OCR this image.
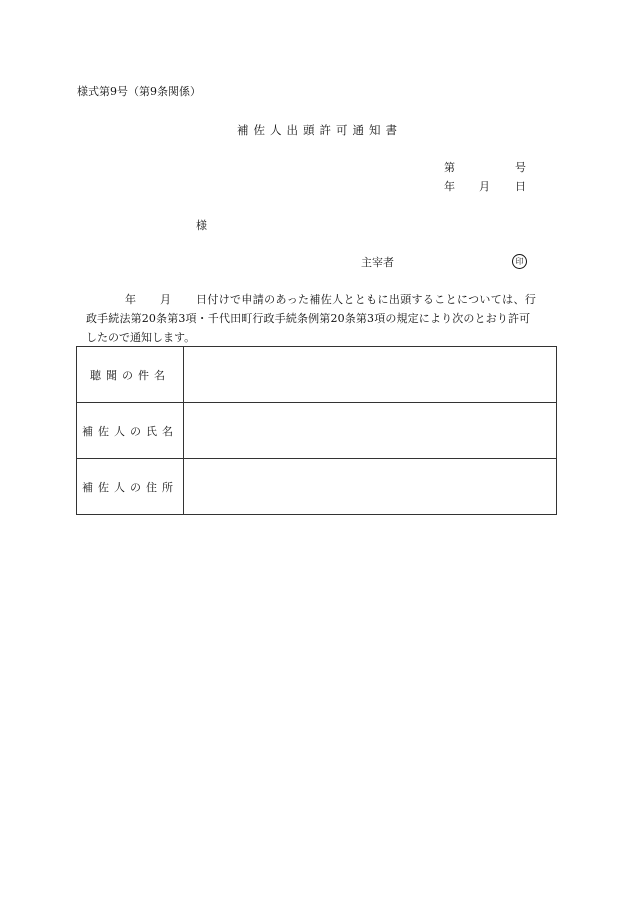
様式第9号（第9条関係）
補佐人出頭許可通知書
第	号
年 月 日
様
主宰者	印
年 月 日付けで申請のあった補佐人とともに出頭することについては、行
政手続法第20条第3項・千代田町行政手続条例第20条第3項の規定により次のとおり許可
したので通知します。
聴聞の件名	
補佐人の氏名	
補佐人の住所	
